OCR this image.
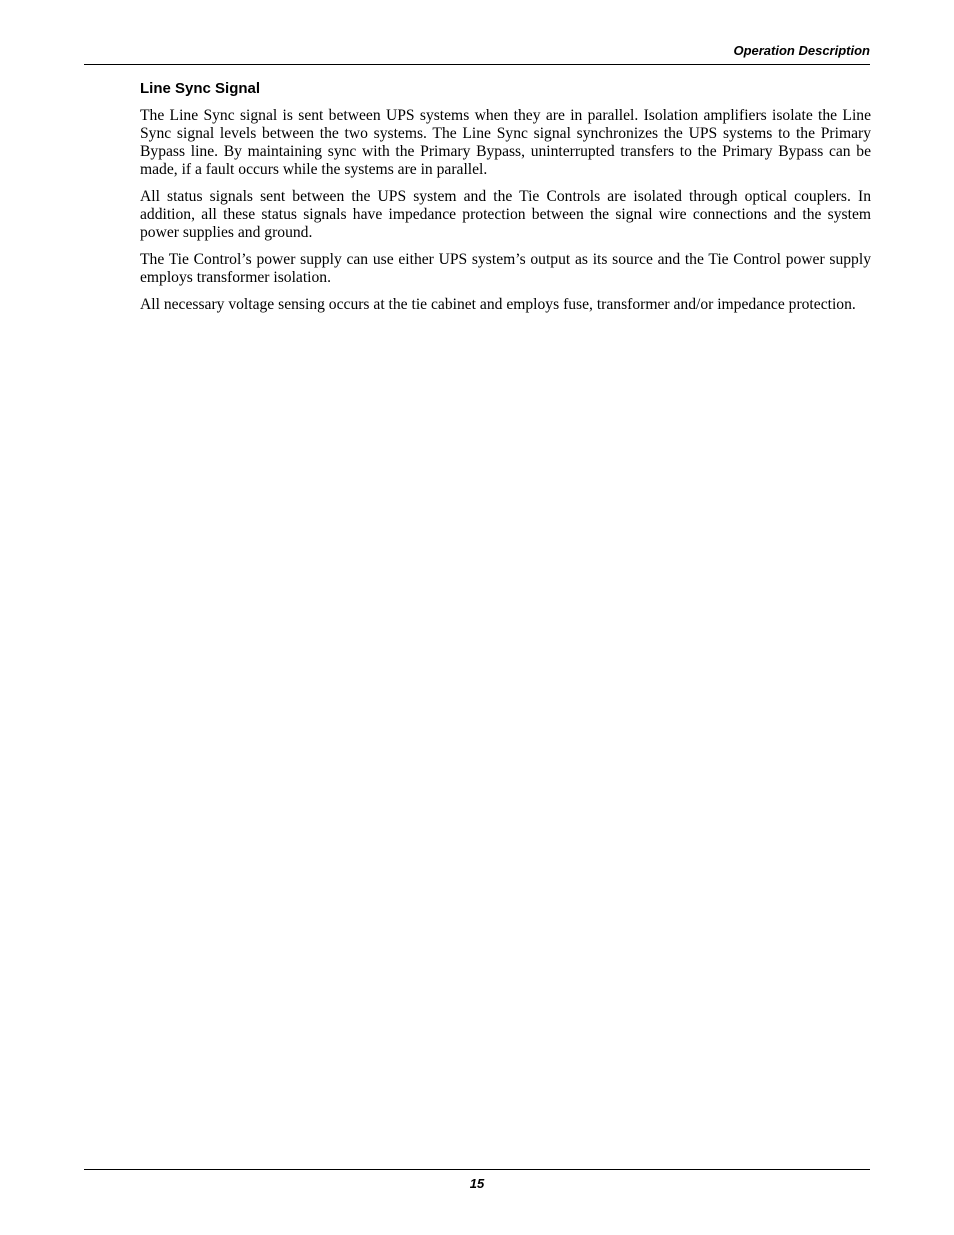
Operation Description
Line Sync Signal

The Line Sync signal is sent between UPS systems when they are in parallel. Isolation amplifiers isolate the Line Sync signal levels between the two systems. The Line Sync signal synchronizes the UPS systems to the Primary Bypass line. By maintaining sync with the Primary Bypass, uninterrupted transfers to the Primary Bypass can be made, if a fault occurs while the systems are in parallel.

All status signals sent between the UPS system and the Tie Controls are isolated through optical couplers. In addition, all these status signals have impedance protection between the signal wire connections and the system power supplies and ground.

The Tie Control’s power supply can use either UPS system’s output as its source and the Tie Control power supply employs transformer isolation.

All necessary voltage sensing occurs at the tie cabinet and employs fuse, transformer and/or impedance protection.

15
